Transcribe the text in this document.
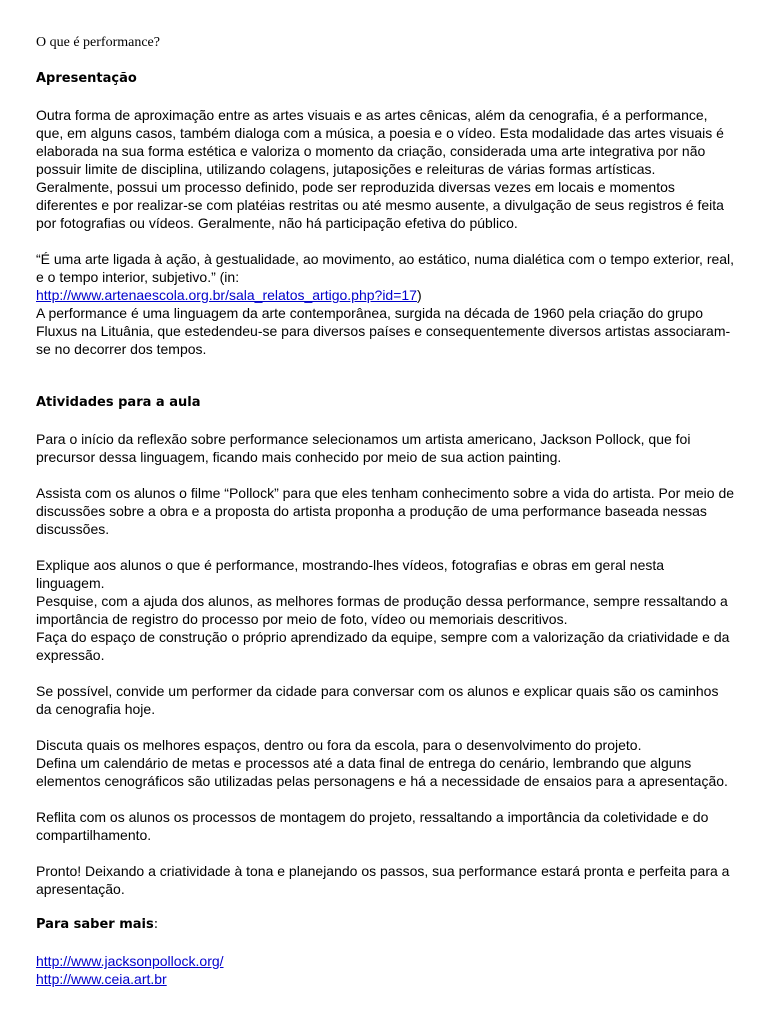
O que é performance?
Apresentação

Outra forma de aproximação entre as artes visuais e as artes cênicas, além da cenografia, é a performance, que, em alguns casos, também dialoga com a música, a poesia e o vídeo. Esta modalidade das artes visuais é elaborada na sua forma estética e valoriza o momento da criação, considerada uma arte integrativa por não possuir limite de disciplina, utilizando colagens, jutaposições e releituras de várias formas artísticas. Geralmente, possui um processo definido, pode ser reproduzida diversas vezes em locais e momentos diferentes e por realizar-se com platéias restritas ou até mesmo ausente, a divulgação de seus registros é feita por fotografias ou vídeos. Geralmente, não há participação efetiva do público.

“É uma arte ligada à ação, à gestualidade, ao movimento, ao estático, numa dialética com o tempo exterior, real, e o tempo interior, subjetivo.” (in:
http://www.artenaescola.org.br/sala_relatos_artigo.php?id=17)

A performance é uma linguagem da arte contemporânea, surgida na década de 1960 pela criação do grupo Fluxus na Lituânia, que estedendeu-se para diversos países e consequentemente diversos artistas associaram-se no decorrer dos tempos.

Atividades para a aula

Para o início da reflexão sobre performance selecionamos um artista americano, Jackson Pollock, que foi precursor dessa linguagem, ficando mais conhecido por meio de sua action painting.

Assista com os alunos o filme “Pollock” para que eles tenham conhecimento sobre a vida do artista. Por meio de discussões sobre a obra e a proposta do artista proponha a produção de uma performance baseada nessas discussões.

Explique aos alunos o que é performance, mostrando-lhes vídeos, fotografias e obras em geral nesta linguagem.

Pesquise, com a ajuda dos alunos, as melhores formas de produção dessa performance, sempre ressaltando a importância de registro do processo por meio de foto, vídeo ou memoriais descritivos.

Faça do espaço de construção o próprio aprendizado da equipe, sempre com a valorização da criatividade e da expressão.

Se possível, convide um performer da cidade para conversar com os alunos e explicar quais são os caminhos da cenografia hoje.

Discuta quais os melhores espaços, dentro ou fora da escola, para o desenvolvimento do projeto.

Defina um calendário de metas e processos até a data final de entrega do cenário, lembrando que alguns elementos cenográficos são utilizadas pelas personagens e há a necessidade de ensaios para a apresentação.

Reflita com os alunos os processos de montagem do projeto, ressaltando a importância da coletividade e do compartilhamento.

Pronto! Deixando a criatividade à tona e planejando os passos, sua performance estará pronta e perfeita para a apresentação.

Para saber mais:
http://www.jacksonpollock.org/
http://www.ceia.art.br
